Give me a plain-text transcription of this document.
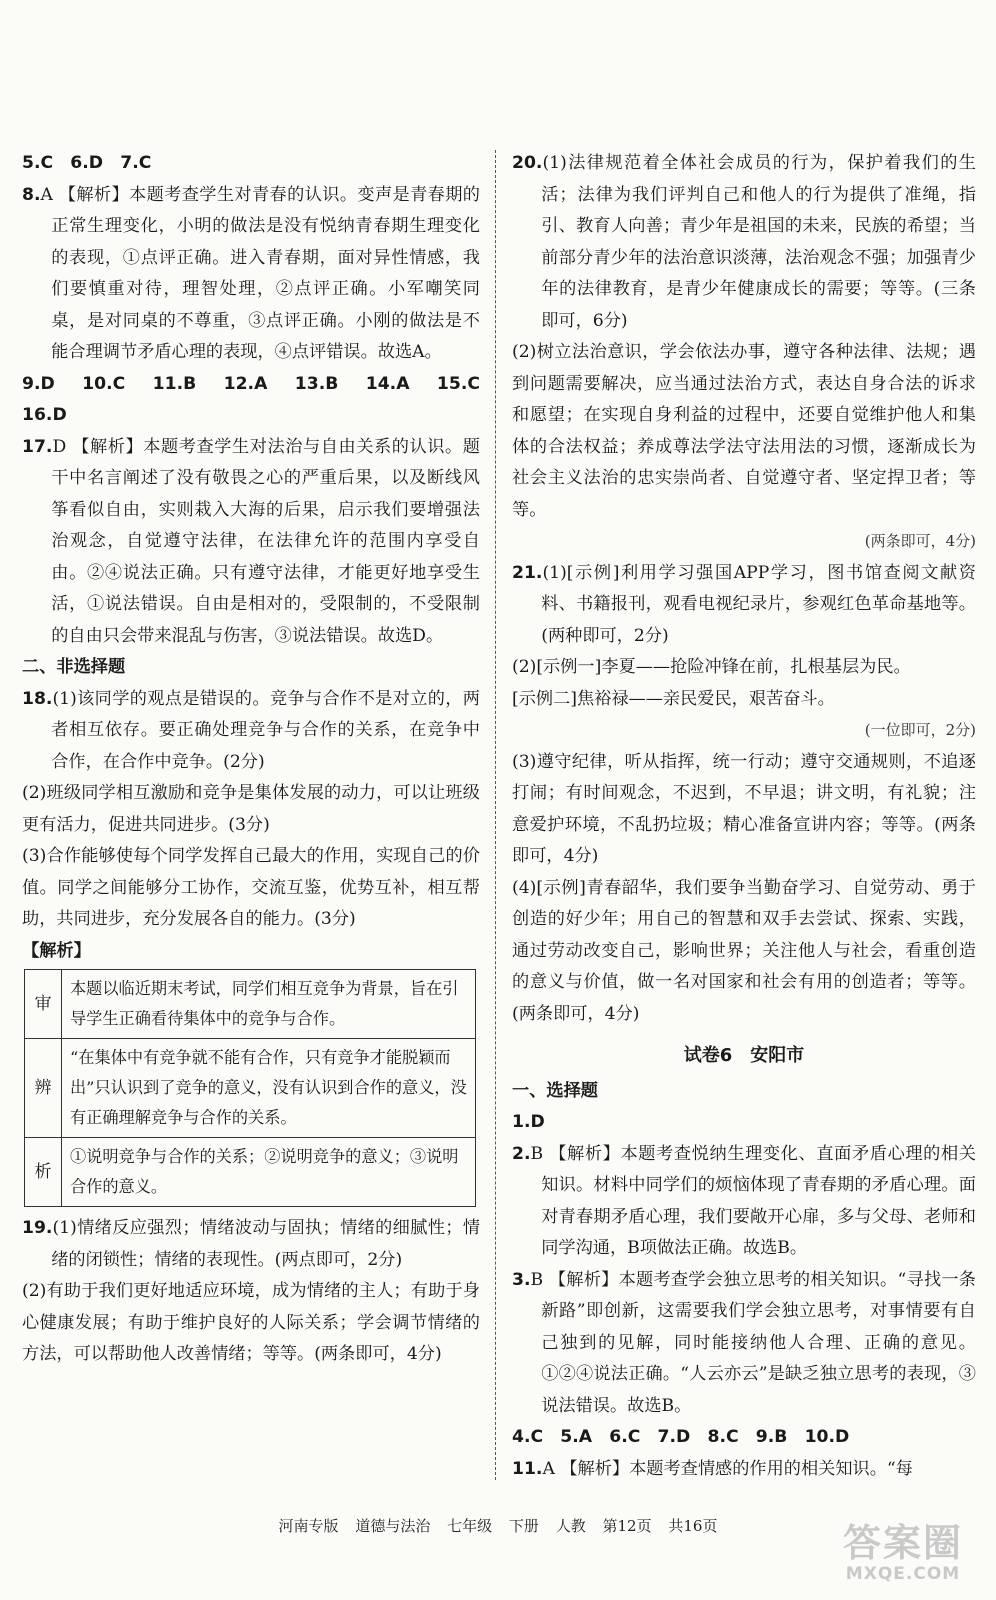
5.C　6.D　7.C

8.A 【解析】本题考查学生对青春的认识。变声是青春期的正常生理变化，小明的做法是没有悦纳青春期生理变化的表现，①点评正确。进入青春期，面对异性情感，我们要慎重对待，理智处理，②点评正确。小军嘲笑同桌，是对同桌的不尊重，③点评正确。小刚的做法是不能合理调节矛盾心理的表现，④点评错误。故选A。

9.D　10.C　11.B　12.A　13.B　14.A　15.C　16.D

17.D 【解析】本题考查学生对法治与自由关系的认识。题干中名言阐述了没有敬畏之心的严重后果，以及断线风筝看似自由，实则栽入大海的后果，启示我们要增强法治观念，自觉遵守法律，在法律允许的范围内享受自由。②④说法正确。只有遵守法律，才能更好地享受生活，①说法错误。自由是相对的，受限制的，不受限制的自由只会带来混乱与伤害，③说法错误。故选D。

二、非选择题

18.(1)该同学的观点是错误的。竞争与合作不是对立的，两者相互依存。要正确处理竞争与合作的关系，在竞争中合作，在合作中竞争。(2分)

(2)班级同学相互激励和竞争是集体发展的动力，可以让班级更有活力，促进共同进步。(3分)

(3)合作能够使每个同学发挥自己最大的作用，实现自己的价值。同学之间能够分工协作，交流互鉴，优势互补，相互帮助，共同进步，充分发展各自的能力。(3分)

【解析】

审	本题以临近期末考试，同学们相互竞争为背景，旨在引导学生正确看待集体中的竞争与合作。
辨	“在集体中有竞争就不能有合作，只有竞争才能脱颖而出”只认识到了竞争的意义，没有认识到合作的意义，没有正确理解竞争与合作的关系。
析	①说明竞争与合作的关系；②说明竞争的意义；③说明合作的意义。

19.(1)情绪反应强烈；情绪波动与固执；情绪的细腻性；情绪的闭锁性；情绪的表现性。(两点即可，2分)

(2)有助于我们更好地适应环境，成为情绪的主人；有助于身心健康发展；有助于维护良好的人际关系；学会调节情绪的方法，可以帮助他人改善情绪；等等。(两条即可，4分)

20.(1)法律规范着全体社会成员的行为，保护着我们的生活；法律为我们评判自己和他人的行为提供了准绳，指引、教育人向善；青少年是祖国的未来，民族的希望；当前部分青少年的法治意识淡薄，法治观念不强；加强青少年的法律教育，是青少年健康成长的需要；等等。(三条即可，6分)

(2)树立法治意识，学会依法办事，遵守各种法律、法规；遇到问题需要解决，应当通过法治方式，表达自身合法的诉求和愿望；在实现自身利益的过程中，还要自觉维护他人和集体的合法权益；养成尊法学法守法用法的习惯，逐渐成长为社会主义法治的忠实崇尚者、自觉遵守者、坚定捍卫者；等等。

(两条即可，4分)

21.(1)[示例]利用学习强国APP学习，图书馆查阅文献资料、书籍报刊，观看电视纪录片，参观红色革命基地等。(两种即可，2分)

(2)[示例一]李夏——抢险冲锋在前，扎根基层为民。

[示例二]焦裕禄——亲民爱民，艰苦奋斗。

(一位即可，2分)

(3)遵守纪律，听从指挥，统一行动；遵守交通规则，不追逐打闹；有时间观念，不迟到，不早退；讲文明，有礼貌；注意爱护环境，不乱扔垃圾；精心准备宣讲内容；等等。(两条即可，4分)

(4)[示例]青春韶华，我们要争当勤奋学习、自觉劳动、勇于创造的好少年；用自己的智慧和双手去尝试、探索、实践，通过劳动改变自己，影响世界；关注他人与社会，看重创造的意义与价值，做一名对国家和社会有用的创造者；等等。(两条即可，4分)

试卷6　安阳市

一、选择题

1.D

2.B 【解析】本题考查悦纳生理变化、直面矛盾心理的相关知识。材料中同学们的烦恼体现了青春期的矛盾心理。面对青春期矛盾心理，我们要敞开心扉，多与父母、老师和同学沟通，B项做法正确。故选B。

3.B 【解析】本题考查学会独立思考的相关知识。“寻找一条新路”即创新，这需要我们学会独立思考，对事情要有自己独到的见解，同时能接纳他人合理、正确的意见。①②④说法正确。“人云亦云”是缺乏独立思考的表现，③说法错误。故选B。

4.C　5.A　6.C　7.D　8.C　9.B　10.D

11.A 【解析】本题考查情感的作用的相关知识。“每

河南专版 道德与法治 七年级 下册 人教 第12页 共16页	答案圈
MXQE.COM
